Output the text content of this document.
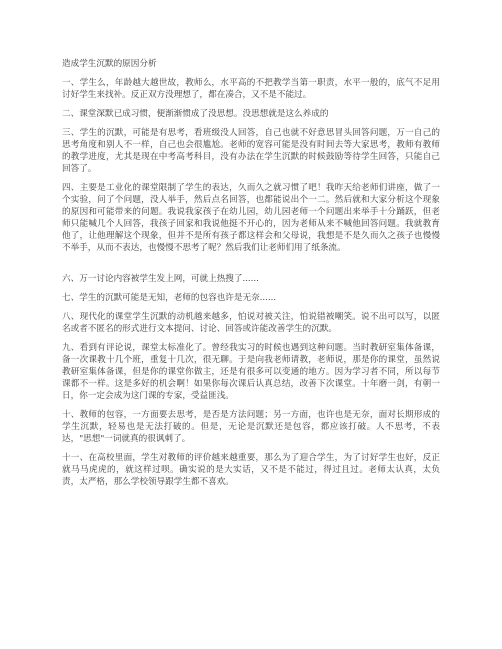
造成学生沉默的原因分析

一、学生么，年龄越大越世故，教师么，水平高的不把教学当第一职责，水平一般的，底气不足用讨好学生来找补。反正双方没理想了，都在凑合，又不是不能过。

二、课堂深默已成习惯，便渐渐惯成了没思想。没思想就是这么养成的

三、学生的沉默，可能是有思考，看班级没人回答，自己也就不好意思冒头回答问题，万一自己的思考角度和别人不一样，自己也会很尴尬。老师的宽容可能是没有时间去等大家思考，教师有教师的教学进度，尤其是现在中考高考科目，没有办法在学生沉默的时候鼓励等待学生回答，只能自己回答了。

四、主要是工业化的课堂限制了学生的表达，久而久之就习惯了吧！我昨天给老师们讲座，做了一个实验，问了个问题，没人举手，然后点名回答，也都能说出个一二。然后就和大家分析这个现象的原因和可能带来的问题。我说我家孩子在幼儿园，幼儿园老师一个问题出来举手十分踊跃，但老师只能喊几个人回答，我孩子回家和我说他挺不开心的，因为老师从来不喊他回答问题。我就教育他了，让他理解这个现象，但并不是所有孩子都这样会和父母说，我想是不是久而久之孩子也慢慢不举手，从而不表达，也慢慢不思考了呢？然后我们让老师们用了纸条流。

六、万一讨论内容被学生发上网，可就上热搜了......

七、学生的沉默可能是无知，老师的包容也许是无奈......

八、现代化的课堂学生沉默的动机越来越多，怕说对被关注，怕说错被嘲笑。说不出可以写，以匿名或者不匿名的形式进行文本提问、讨论、回答或许能改善学生的沉默。

九、看到有评论说，课堂太标准化了。曾经我实习的时候也遇到这种问题。当时教研室集体备课，备一次课教十几个班，重复十几次，很无聊。于是向我老师请教，老师说，那是你的课堂，虽然说教研室集体备课，但是你的课堂你做主，还是有很多可以变通的地方。因为学习者不同，所以每节课都不一样。这是多好的机会啊！如果你每次课后认真总结，改善下次课堂。十年磨一剑，有朝一日，你一定会成为这门课的专家，受益匪浅。

十、教师的包容，一方面要去思考，是否是方法问题；另一方面，也许也是无奈，面对长期形成的学生沉默，轻易也是无法打破的。但是，无论是沉默还是包容，都应该打破。人不思考，不表达，"思想"一词就真的很讽刺了。

十一、在高校里面，学生对教师的评价越来越重要，那么为了迎合学生，为了讨好学生也好，反正就马马虎虎的，就这样过呗。确实说的是大实话，又不是不能过，得过且过。老师太认真，太负责，太严格，那么学校领导跟学生都不喜欢。
